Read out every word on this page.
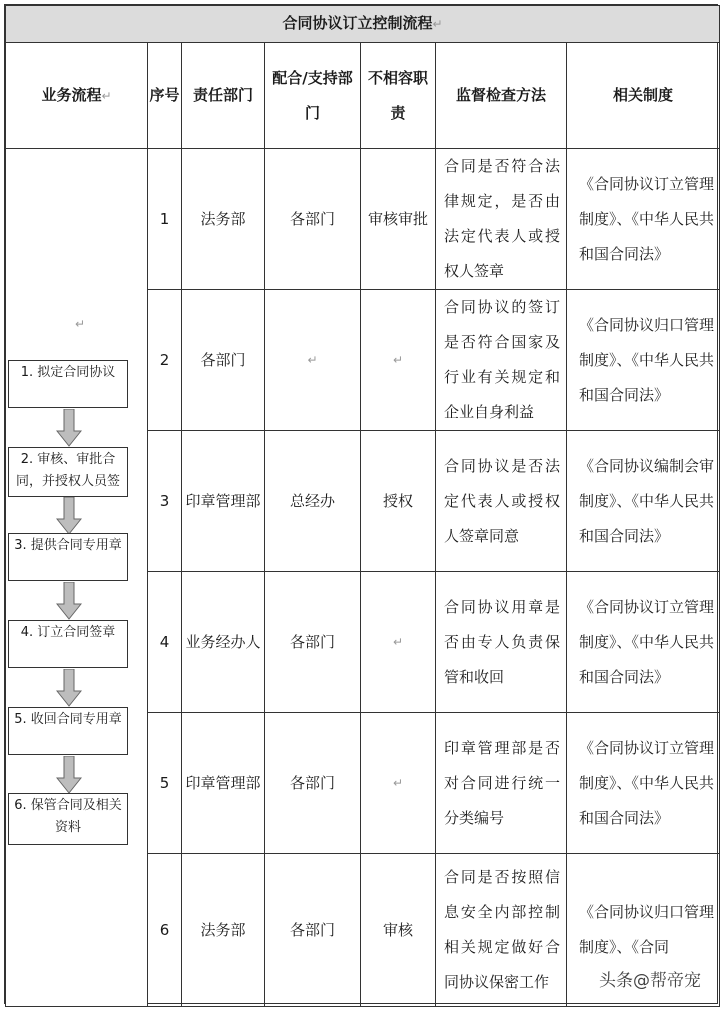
合同协议订立控制流程↵						
业务流程↵	序号	责任部门	配合/支持部门	不相容职责	监督检查方法	相关制度
	1	法务部	各部门	审核审批	合同是否符合法律规定，是否由法定代表人或授权人签章	《合同协议订立管理制度》、《中华人民共和国合同法》
	2	各部门	↵	↵	合同协议的签订是否符合国家及行业有关规定和企业自身利益	《合同协议归口管理制度》、《中华人民共和国合同法》
	3	印章管理部	总经办	授权	合同协议是否法定代表人或授权人签章同意	《合同协议编制会审制度》、《中华人民共和国合同法》
	4	业务经办人	各部门	↵	合同协议用章是否由专人负责保管和收回	《合同协议订立管理制度》、《中华人民共和国合同法》
	5	印章管理部	各部门	↵	印章管理部是否对合同进行统一分类编号	《合同协议订立管理制度》、《中华人民共和国合同法》
	6	法务部	各部门	审核	合同是否按照信息安全内部控制相关规定做好合同协议保密工作	《合同协议归口管理制度》、《合同
↵
1. 拟定合同协议
2. 审核、审批合同，并授权人员签
3. 提供合同专用章
4. 订立合同签章
5. 收回合同专用章
6. 保管合同及相关资料
头条@帮帝宠
